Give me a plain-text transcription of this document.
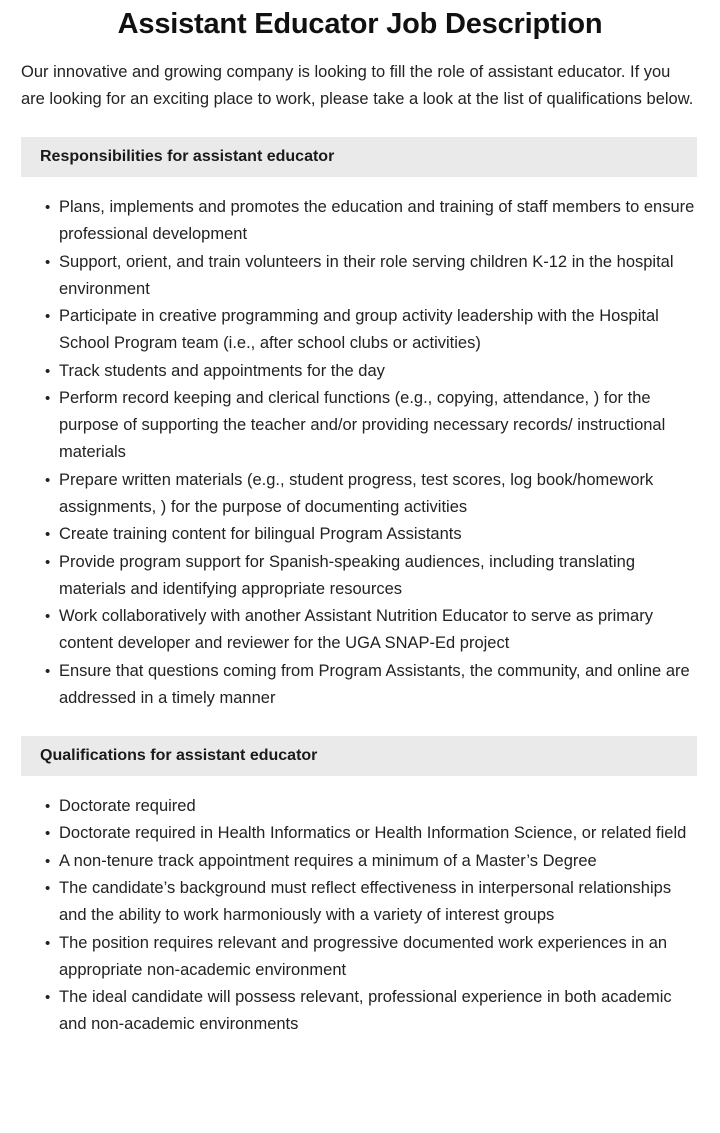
Assistant Educator Job Description

Our innovative and growing company is looking to fill the role of assistant educator. If you are looking for an exciting place to work, please take a look at the list of qualifications below.

Responsibilities for assistant educator
• Plans, implements and promotes the education and training of staff members to ensure professional development
• Support, orient, and train volunteers in their role serving children K-12 in the hospital environment
• Participate in creative programming and group activity leadership with the Hospital School Program team (i.e., after school clubs or activities)
• Track students and appointments for the day
• Perform record keeping and clerical functions (e.g., copying, attendance, ) for the purpose of supporting the teacher and/or providing necessary records/ instructional materials
• Prepare written materials (e.g., student progress, test scores, log book/homework assignments, ) for the purpose of documenting activities
• Create training content for bilingual Program Assistants
• Provide program support for Spanish-speaking audiences, including translating materials and identifying appropriate resources
• Work collaboratively with another Assistant Nutrition Educator to serve as primary content developer and reviewer for the UGA SNAP-Ed project
• Ensure that questions coming from Program Assistants, the community, and online are addressed in a timely manner
Qualifications for assistant educator
• Doctorate required
• Doctorate required in Health Informatics or Health Information Science, or related field
• A non-tenure track appointment requires a minimum of a Master’s Degree
• The candidate’s background must reflect effectiveness in interpersonal relationships and the ability to work harmoniously with a variety of interest groups
• The position requires relevant and progressive documented work experiences in an appropriate non-academic environment
• The ideal candidate will possess relevant, professional experience in both academic and non-academic environments
